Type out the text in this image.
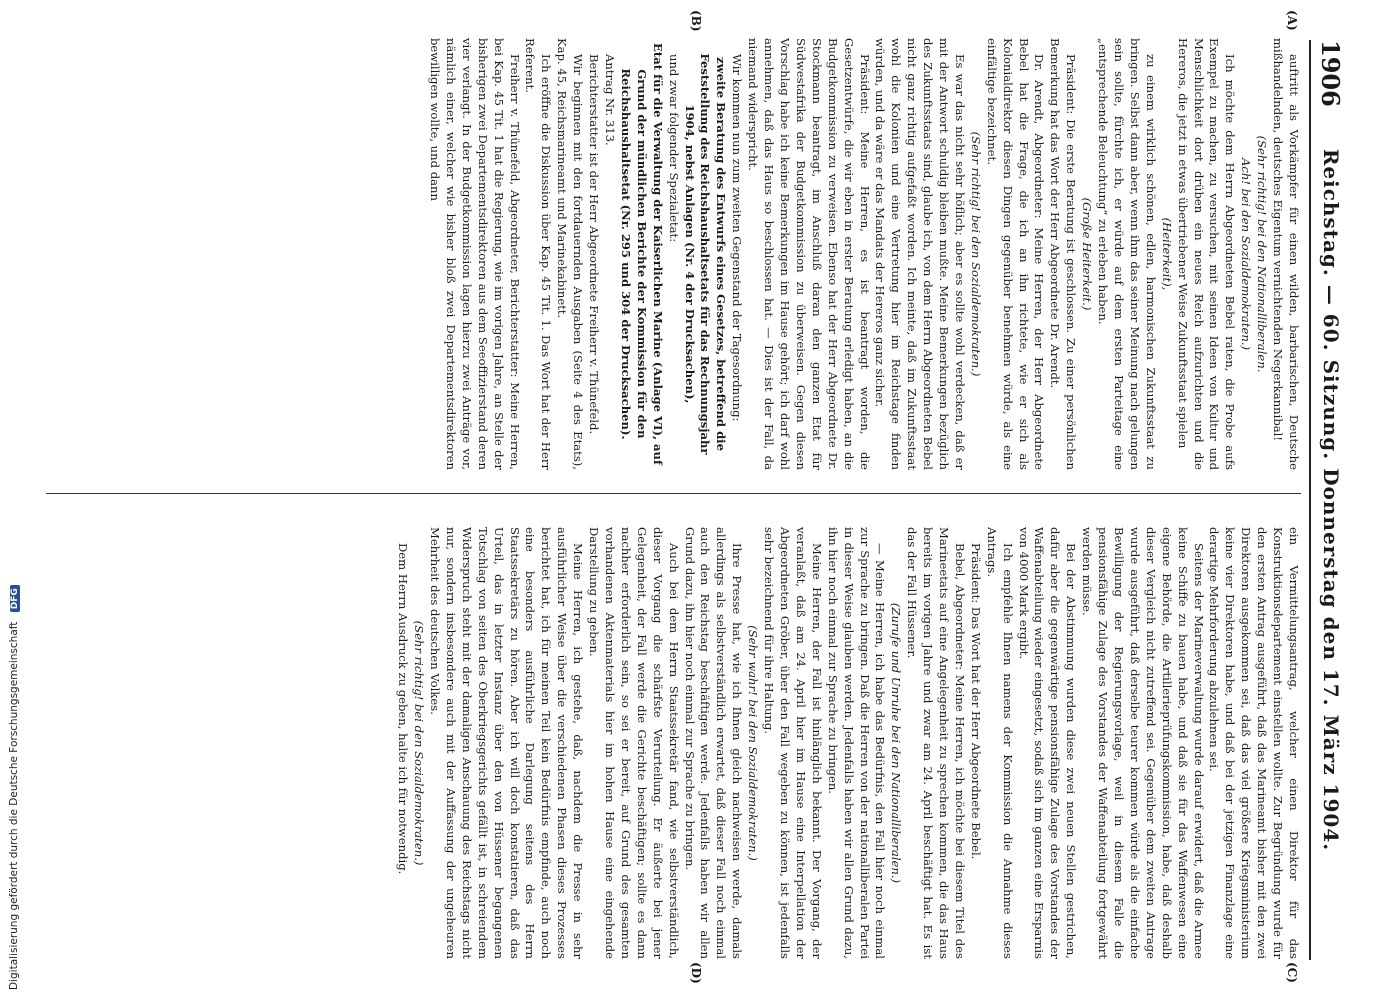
1906
Reichstag. — 60. Sitzung. Donnerstag den 17. März 1904.
(A)
(B)
(C)
(D)

auftritt als Vorkämpfer für einen wilden, barbarischen, Deutsche mißhandelnden, deutsches Eigentum vernichtenden Negerkannibal!

(Sehr richtig! bei den Nationalliberalen.

Ach! bei den Sozialdemokraten.)

Ich möchte dem Herrn Abgeordneten Bebel raten, die Probe aufs Exempel zu machen, zu versuchen, mit seinen Ideen von Kultur und Menschlichkeit dort drüben ein neues Reich aufzurichten und die Hereros, die jetzt in etwas übertriebener Weise Zukunftsstaat spielen

(Heiterkeit),

zu einem wirklich schönen, edlen, harmonischen Zukunftsstaat zu bringen. Selbst dann aber, wenn ihm das seiner Meinung nach gelungen sein sollte, fürchte ich, er würde auf dem ersten Parteitage eine „entsprechende Beleuchtung“ zu erleben haben.

(Große Heiterkeit.)

Präsident: Die erste Beratung ist geschlossen. Zu einer persönlichen Bemerkung hat das Wort der Herr Abgeordnete Dr. Arendt.

Dr. Arendt, Abgeordneter: Meine Herren, der Herr Abgeordnete Bebel hat die Frage, die ich an ihn richtete, wie er sich als Kolonialdirektor diesen Dingen gegenüber benehmen würde, als eine einfältige bezeichnet.

(Sehr richtig! bei den Sozialdemokraten.)

Es war das nicht sehr höflich; aber es sollte wohl verdecken, daß er mit der Antwort schuldig bleiben mußte. Meine Bemerkungen bezüglich des Zukunftsstaats sind, glaube ich, von dem Herrn Abgeordneten Bebel nicht ganz richtig aufgefaßt worden. Ich meinte, daß im Zukunftsstaat wohl die Kolonien und eine Vertretung hier im Reichstage finden würden, und da wäre er das Mandats der Hereros ganz sicher.

Präsident: Meine Herren, es ist beantragt worden, die Gesetzentwürfe, die wir eben in erster Beratung erledigt haben, an die Budgetkommission zu verweisen. Ebenso hat der Herr Abgeordnete Dr. Stockmann beantragt, im Anschluß daran den ganzen Etat für Südwestafrika der Budgetkommission zu überweisen. Gegen diesen Vorschlag habe ich keine Bemerkungen im Hause gehört; ich darf wohl annehmen, daß das Haus so beschlossen hat. — Dies ist der Fall, da niemand widerspricht.

Wir kommen nun zum zweiten Gegenstand der Tagesordnung:

zweite Beratung des Entwurfs eines Gesetzes, betreffend die Feststellung des Reichshaushaltsetats für das Rechnungsjahr 1904, nebst Anlagen (Nr. 4 der Drucksachen),

und zwar folgender Spezialetat:

Etat für die Verwaltung der Kaiserlichen Marine (Anlage VI), auf Grund der mündlichen Berichte der Kommission für den Reichshaushaltsetat (Nr. 295 und 304 der Drucksachen).

Antrag Nr. 313.

Berichterstatter ist der Herr Abgeordnete Freiherr v. Thünefeld.

Wir beginnen mit den fortdauernden Ausgaben (Seite 4 des Etats), Kap. 45, Reichsmarineamt und Marinekabinett.

Ich eröffne die Diskussion über Kap. 45 Tit. 1. Das Wort hat der Herr Referent.

Freiherr v. Thünefeld, Abgeordneter, Berichterstatter: Meine Herren, bei Kap. 45 Tit. 1 hat die Regierung, wie im vorigen Jahre, an Stelle der bisherigen zwei Departementsdirektoren aus dem Seeoffizierstand deren vier verlangt. In der Budgetkommission lagen hierzu zwei Anträge vor, nämlich einer, welcher wie bisher bloß zwei Departementsdirektoren bewilligen wollte, und dann

ein Vermittelungsantrag, welcher einen Direktor für das Konstruktionsdepartement einstellen wollte. Zur Begründung wurde für den ersten Antrag ausgeführt, daß das Marineamt bisher mit den zwei Direktoren ausgekommen sei, daß das viel größere Kriegsministerium keine vier Direktoren habe, und daß bei der jetzigen Finanzlage eine derartige Mehrforderung abzulehnen sei.

Seitens der Marineverwaltung wurde darauf erwidert, daß die Armee keine Schiffe zu bauen habe, und daß sie für das Waffenwesen eine eigene Behörde, die Artillerieprüfungskommission, habe, daß deshalb dieser Vergleich nicht zutreffend sei. Gegenüber dem zweiten Antrage wurde ausgeführt, daß derselbe teurer kommen würde als die einfache Bewilligung der Regierungsvorlage, weil in diesem Falle die pensionsfähige Zulage des Vorstandes der Waffenabteilung fortgewährt werden müsse.

Bei der Abstimmung wurden diese zwei neuen Stellen gestrichen, dafür aber die gegenwärtige pensionsfähige Zulage des Vorstandes der Waffenabteilung wieder eingesetzt, sodaß sich im ganzen eine Ersparnis von 4000 Mark ergibt.

Ich empfehle Ihnen namens der Kommission die Annahme dieses Antrags.

Präsident: Das Wort hat der Herr Abgeordnete Bebel.

Bebel, Abgeordneter: Meine Herren, ich möchte bei diesem Titel des Marineetats auf eine Angelegenheit zu sprechen kommen, die das Haus bereits im vorigen Jahre und zwar am 24. April beschäftigt hat. Es ist das der Fall Hüssener.

(Zurufe und Unruhe bei den Nationalliberalen.)

— Meine Herren, ich habe das Bedürfnis, den Fall hier noch einmal zur Sprache zu bringen. Daß die Herren von der nationalliberalen Partei in dieser Weise glauben werden. Jedenfalls haben wir allen Grund dazu, ihn hier noch einmal zur Sprache zu bringen.

Meine Herren, der Fall ist hinlänglich bekannt. Der Vorgang, der veranlaßt, daß am 24. April hier im Hause eine Interpellation der Abgeordneten Gröber, über den Fall wegeben zu können, ist jedenfalls sehr bezeichnend für ihre Haltung.

(Sehr wahr! bei den Sozialdemokraten.)

Ihre Presse hat, wie ich Ihnen gleich nachweisen werde, damals allerdings als selbstverständlich erwartet, daß dieser Fall noch einmal auch den Reichstag beschäftigen werde. Jedenfalls haben wir allen Grund dazu, ihn hier noch einmal zur Sprache zu bringen.

Auch bei dem Herrn Staatssekretär fand, wie selbstverständlich, dieser Vorgang die schärfste Verurteilung. Er äußerte bei jener Gelegenheit, der Fall werde die Gerichte beschäftigen; sollte es dann nachher erforderlich sein, so sei er bereit, auf Grund des gesamten vorhandenen Aktenmaterials hier im hohen Hause eine eingehende Darstellung zu geben.

Meine Herren, ich gestehe, daß, nachdem die Presse in sehr ausführlicher Weise über die verschiedenen Phasen dieses Prozesses berichtet hat, ich für meinen Teil kein Bedürfnis empfinde, auch noch eine besonders ausführliche Darlegung seitens des Herrn Staatssekretärs zu hören. Aber ich will doch konstatieren, daß das Urteil, das in letzter Instanz über den von Hüssener begangenen Totschlag von seiten des Oberkriegsgerichts gefällt ist, in schreiendem Widerspruch steht mit der damaligen Anschauung des Reichstags nicht nur, sondern insbesondere auch mit der Auffassung der ungeheuren Mehrheit des deutschen Volkes.

(Sehr richtig! bei den Sozialdemokraten.)

Dem Herrn Ausdruck zu geben, halte ich für notwendig.

Digitalisierung gefördert durch die Deutsche Forschungsgemeinschaft DFG
